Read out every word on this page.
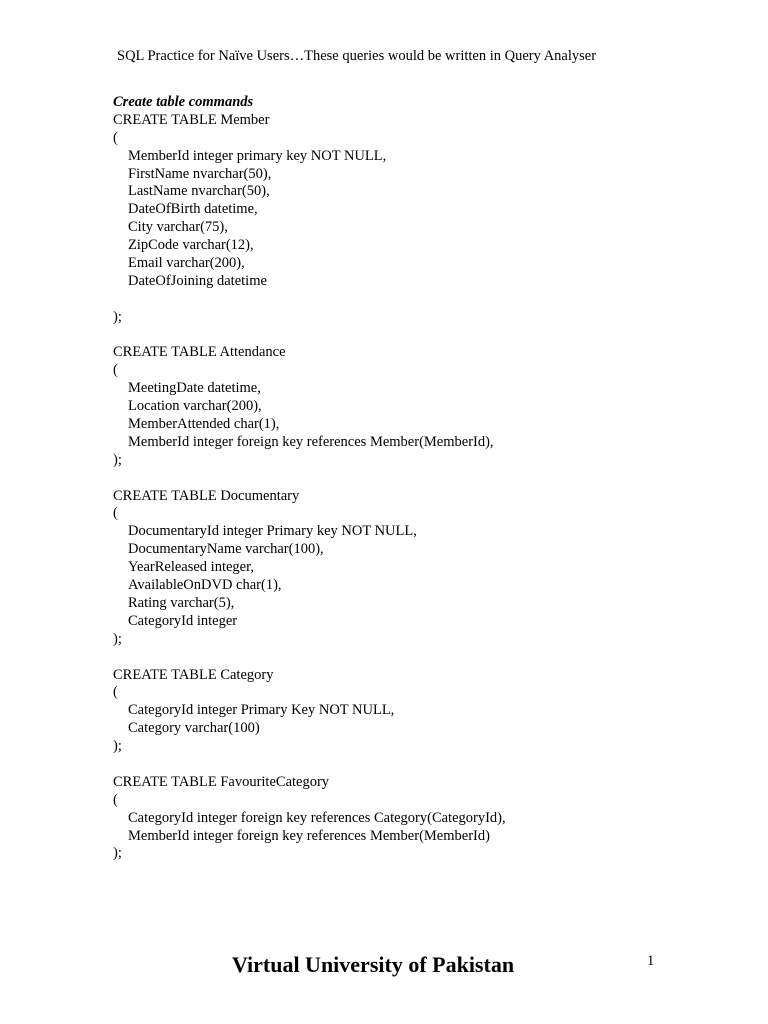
SQL Practice for Naïve Users…These queries would be written in Query Analyser
Create table commands
CREATE TABLE Member
(
MemberId integer primary key NOT NULL,
FirstName nvarchar(50),
LastName nvarchar(50),
DateOfBirth datetime,
City varchar(75),
ZipCode varchar(12),
Email varchar(200),
DateOfJoining datetime
);
CREATE TABLE Attendance
(
MeetingDate datetime,
Location varchar(200),
MemberAttended char(1),
MemberId integer foreign key references Member(MemberId),
);
CREATE TABLE Documentary
(
DocumentaryId integer Primary key NOT NULL,
DocumentaryName varchar(100),
YearReleased integer,
AvailableOnDVD char(1),
Rating varchar(5),
CategoryId integer
);
CREATE TABLE Category
(
CategoryId integer Primary Key NOT NULL,
Category varchar(100)
);
CREATE TABLE FavouriteCategory
(
CategoryId integer foreign key references Category(CategoryId),
MemberId integer foreign key references Member(MemberId)
);
Virtual University of Pakistan	1
